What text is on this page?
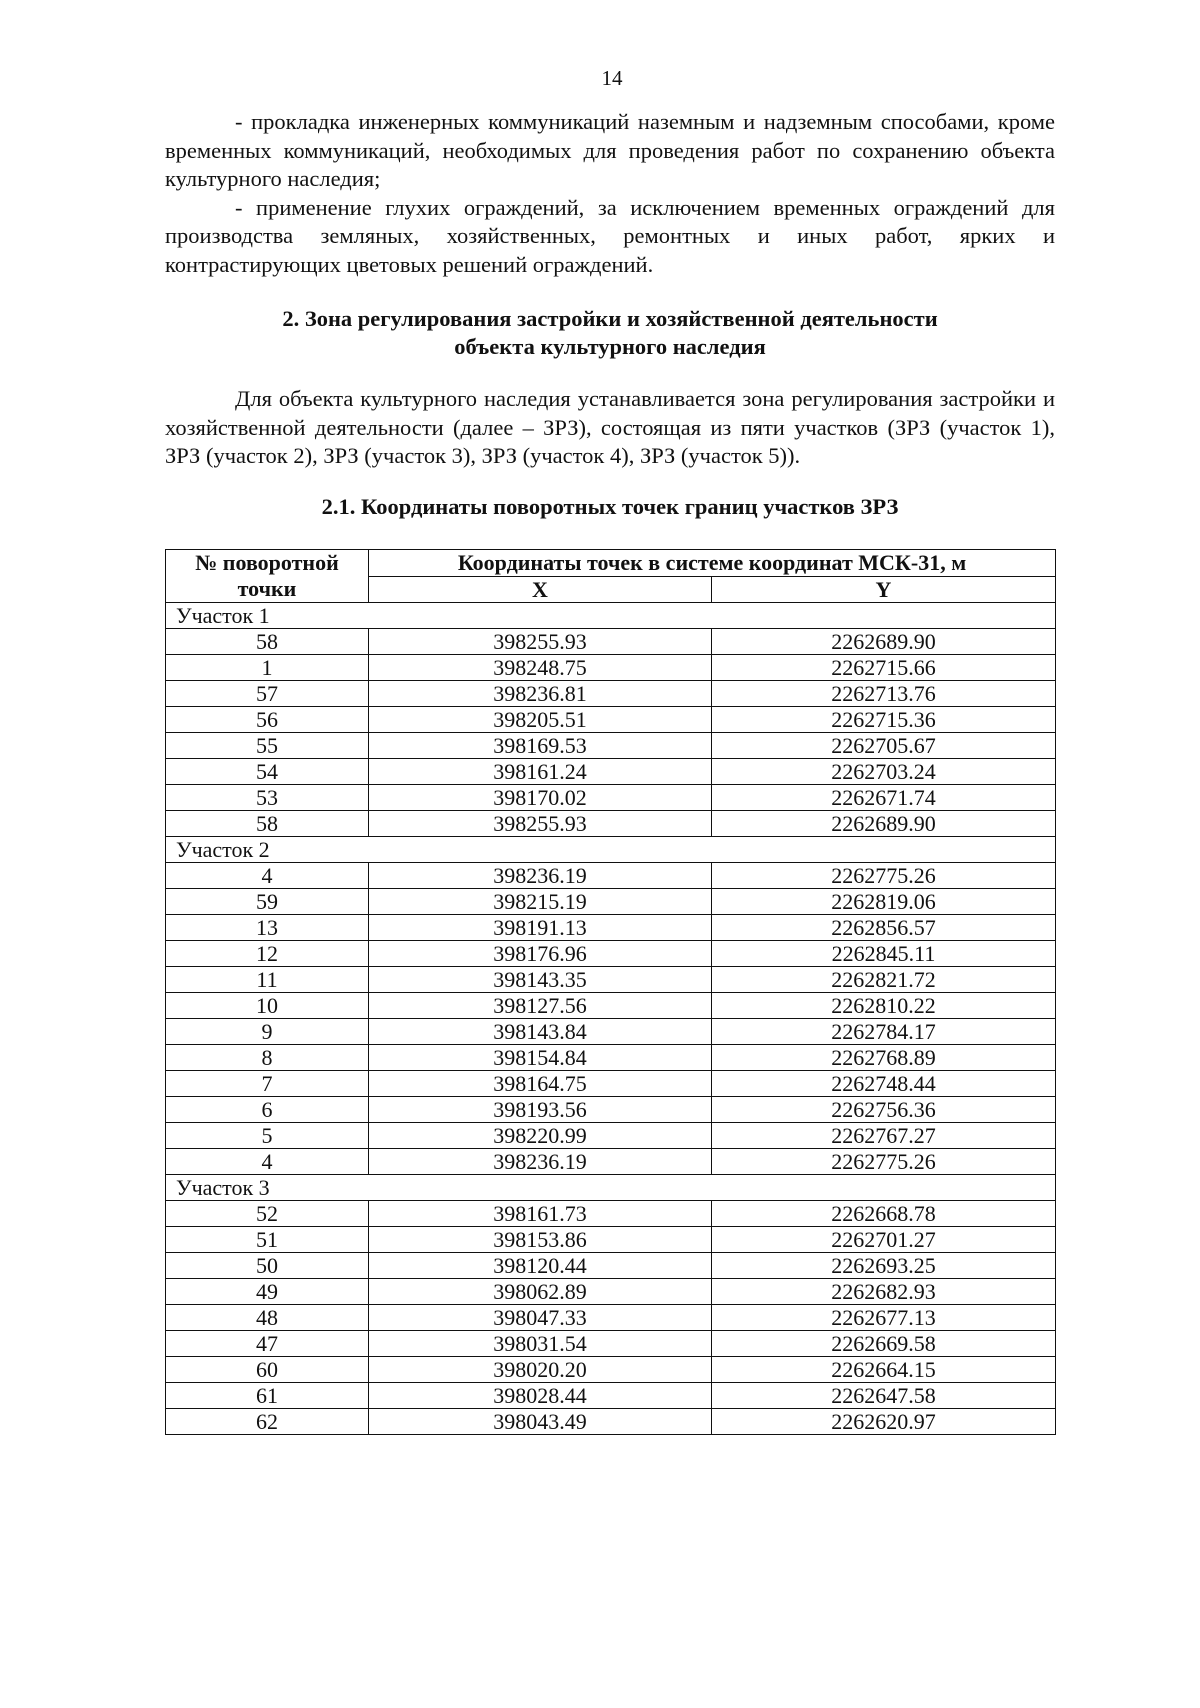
14

- прокладка инженерных коммуникаций наземным и надземным способами, кроме временных коммуникаций, необходимых для проведения работ по сохранению объекта культурного наследия;

- применение глухих ограждений, за исключением временных ограждений для производства земляных, хозяйственных, ремонтных и иных работ, ярких и контрастирующих цветовых решений ограждений.

2. Зона регулирования застройки и хозяйственной деятельности
объекта культурного наследия

Для объекта культурного наследия устанавливается зона регулирования застройки и хозяйственной деятельности (далее – ЗРЗ), состоящая из пяти участков (ЗРЗ (участок 1), ЗРЗ (участок 2), ЗРЗ (участок 3), ЗРЗ (участок 4), ЗРЗ (участок 5)).

2.1. Координаты поворотных точек границ участков ЗРЗ
№ поворотной точки	Координаты точек в системе координат МСК-31, м	
	X	Y
Участок 1		
58	398255.93	2262689.90
1	398248.75	2262715.66
57	398236.81	2262713.76
56	398205.51	2262715.36
55	398169.53	2262705.67
54	398161.24	2262703.24
53	398170.02	2262671.74
58	398255.93	2262689.90
Участок 2		
4	398236.19	2262775.26
59	398215.19	2262819.06
13	398191.13	2262856.57
12	398176.96	2262845.11
11	398143.35	2262821.72
10	398127.56	2262810.22
9	398143.84	2262784.17
8	398154.84	2262768.89
7	398164.75	2262748.44
6	398193.56	2262756.36
5	398220.99	2262767.27
4	398236.19	2262775.26
Участок 3		
52	398161.73	2262668.78
51	398153.86	2262701.27
50	398120.44	2262693.25
49	398062.89	2262682.93
48	398047.33	2262677.13
47	398031.54	2262669.58
60	398020.20	2262664.15
61	398028.44	2262647.58
62	398043.49	2262620.97
